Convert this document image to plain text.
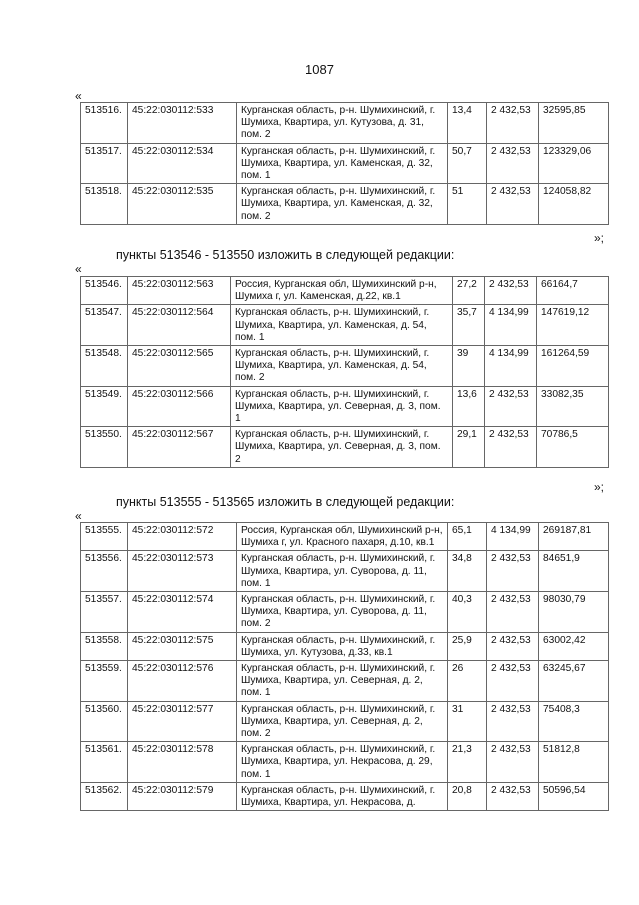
1087
«
513516.	45:22:030112:533	Курганская область, р-н. Шумихинский, г. Шумиха, Квартира, ул. Кутузова, д. 31, пом. 2	13,4	2 432,53	32595,85
513517.	45:22:030112:534	Курганская область, р-н. Шумихинский, г. Шумиха, Квартира, ул. Каменская, д. 32, пом. 1	50,7	2 432,53	123329,06
513518.	45:22:030112:535	Курганская область, р-н. Шумихинский, г. Шумиха, Квартира, ул. Каменская, д. 32, пом. 2	51	2 432,53	124058,82
»;
пункты 513546 - 513550 изложить в следующей редакции:
«
513546.	45:22:030112:563	Россия, Курганская обл, Шумихинский р-н, Шумиха г, ул. Каменская, д.22, кв.1	27,2	2 432,53	66164,7
513547.	45:22:030112:564	Курганская область, р-н. Шумихинский, г. Шумиха, Квартира, ул. Каменская, д. 54, пом. 1	35,7	4 134,99	147619,12
513548.	45:22:030112:565	Курганская область, р-н. Шумихинский, г. Шумиха, Квартира, ул. Каменская, д. 54, пом. 2	39	4 134,99	161264,59
513549.	45:22:030112:566	Курганская область, р-н. Шумихинский, г. Шумиха, Квартира, ул. Северная, д. 3, пом. 1	13,6	2 432,53	33082,35
513550.	45:22:030112:567	Курганская область, р-н. Шумихинский, г. Шумиха, Квартира, ул. Северная, д. 3, пом. 2	29,1	2 432,53	70786,5
»;
пункты 513555 - 513565 изложить в следующей редакции:
«
513555.	45:22:030112:572	Россия, Курганская обл, Шумихинский р-н, Шумиха г, ул. Красного пахаря, д.10, кв.1	65,1	4 134,99	269187,81
513556.	45:22:030112:573	Курганская область, р-н. Шумихинский, г. Шумиха, Квартира, ул. Суворова, д. 11, пом. 1	34,8	2 432,53	84651,9
513557.	45:22:030112:574	Курганская область, р-н. Шумихинский, г. Шумиха, Квартира, ул. Суворова, д. 11, пом. 2	40,3	2 432,53	98030,79
513558.	45:22:030112:575	Курганская область, р-н. Шумихинский, г. Шумиха, ул. Кутузова, д.33, кв.1	25,9	2 432,53	63002,42
513559.	45:22:030112:576	Курганская область, р-н. Шумихинский, г. Шумиха, Квартира, ул. Северная, д. 2, пом. 1	26	2 432,53	63245,67
513560.	45:22:030112:577	Курганская область, р-н. Шумихинский, г. Шумиха, Квартира, ул. Северная, д. 2, пом. 2	31	2 432,53	75408,3
513561.	45:22:030112:578	Курганская область, р-н. Шумихинский, г. Шумиха, Квартира, ул. Некрасова, д. 29, пом. 1	21,3	2 432,53	51812,8
513562.	45:22:030112:579	Курганская область, р-н. Шумихинский, г. Шумиха, Квартира, ул. Некрасова, д.	20,8	2 432,53	50596,54
